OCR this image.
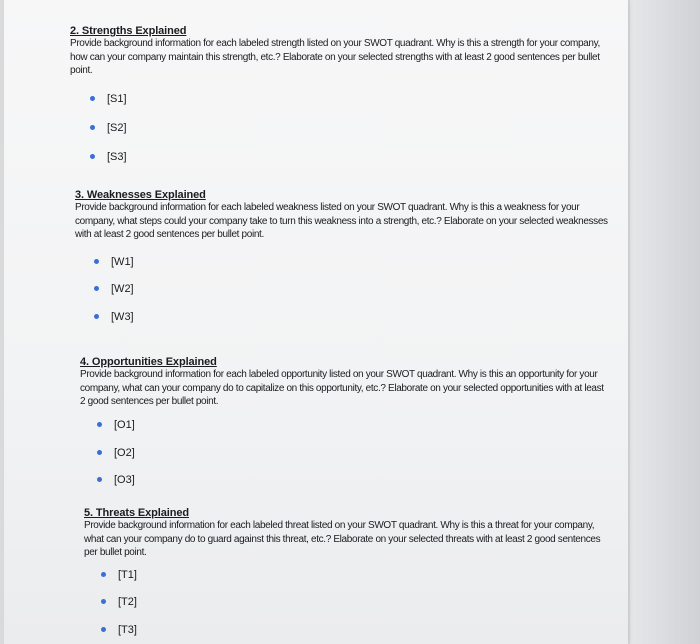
2. Strengths Explained

Provide background information for each labeled strength listed on your SWOT quadrant. Why is this a strength for your company, how can your company maintain this strength, etc.? Elaborate on your selected strengths with at least 2 good sentences per bullet point.

[S1]
[S2]
[S3]

3. Weaknesses Explained

Provide background information for each labeled weakness listed on your SWOT quadrant. Why is this a weakness for your company, what steps could your company take to turn this weakness into a strength, etc.? Elaborate on your selected weaknesses with at least 2 good sentences per bullet point.

[W1]
[W2]
[W3]

4. Opportunities Explained

Provide background information for each labeled opportunity listed on your SWOT quadrant. Why is this an opportunity for your company, what can your company do to capitalize on this opportunity, etc.? Elaborate on your selected opportunities with at least 2 good sentences per bullet point.

[O1]
[O2]
[O3]

5. Threats Explained

Provide background information for each labeled threat listed on your SWOT quadrant. Why is this a threat for your company, what can your company do to guard against this threat, etc.? Elaborate on your selected threats with at least 2 good sentences per bullet point.

[T1]
[T2]
[T3]
